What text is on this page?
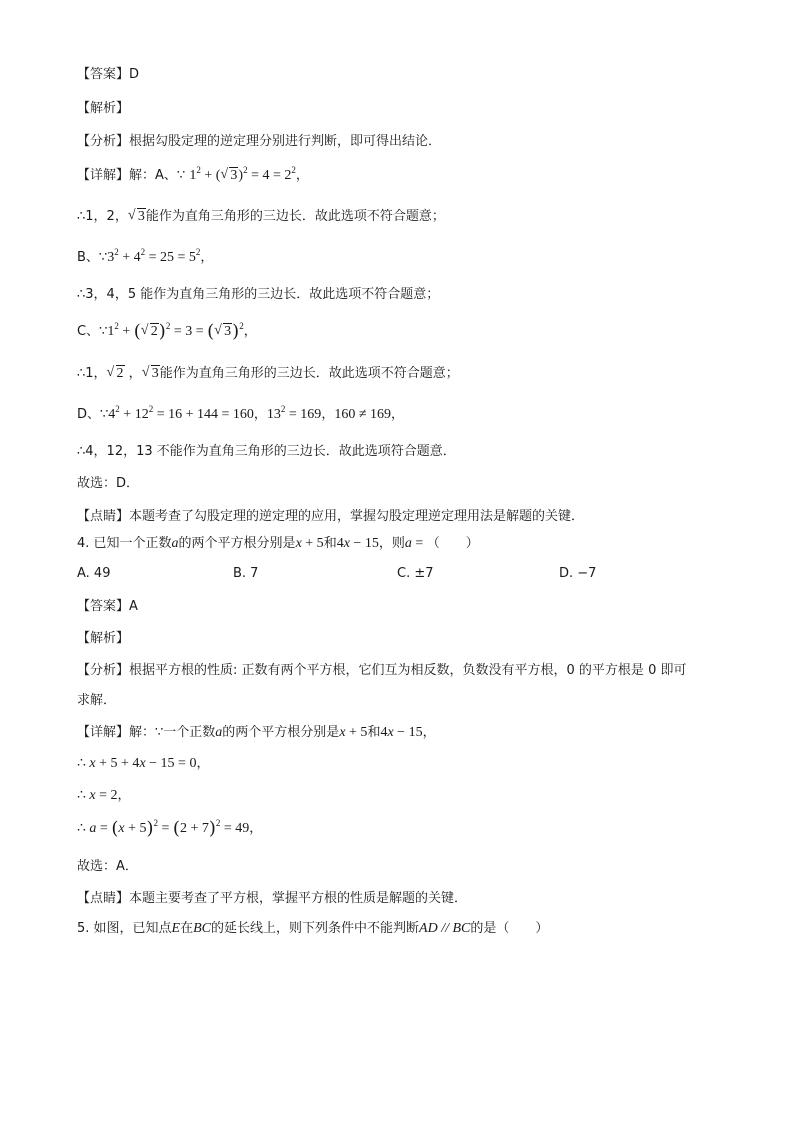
【答案】D
【解析】
【分析】根据勾股定理的逆定理分别进行判断，即可得出结论．
【详解】解：A、∵ $1^2$ + ( √ $3)^2 = 4 = 2^2$，
∴1，2， √ 3能作为直角三角形的三边长．故此选项不符合题意；
B、$\because 3^2 + 4^2 = 25 = 5^2$，
∴3，4，5 能作为直角三角形的三边长．故此选项不符合题意；
C、$\because 1^2$ + ( √ 2)$^2$ = 3 = ( √ 3)$^2$，
∴1， √ 2 ， √ 3能作为直角三角形的三边长．故此选项不符合题意；
D、$\because 4^2 + 12^2 = 16 + 144 = 160$，$13^2 = 169$，160 ≠ 169，
∴4，12，13 不能作为直角三角形的三边长．故此选项符合题意．
故选：D．
【点睛】本题考查了勾股定理的逆定理的应用，掌握勾股定理逆定理用法是解题的关键．
4. 已知一个正数a的两个平方根分别是x + 5和4x − 15，则a = （　　）
A. 49	B. 7	C. ±7	D. −7
【答案】A
【解析】
【分析】根据平方根的性质: 正数有两个平方根，它们互为相反数，负数没有平方根，0 的平方根是 0 即可
求解．
【详解】解：∵一个正数a的两个平方根分别是x + 5和4x − 15，
∴ x + 5 + 4x − 15 = 0，
∴ x = 2，
∴ $a = (x + 5)^2 = (2 + 7)^2 = 49$，
故选：A．
【点睛】本题主要考查了平方根，掌握平方根的性质是解题的关键．
5. 如图，已知点E在BC的延长线上，则下列条件中不能判断AD // BC的是（　　）
